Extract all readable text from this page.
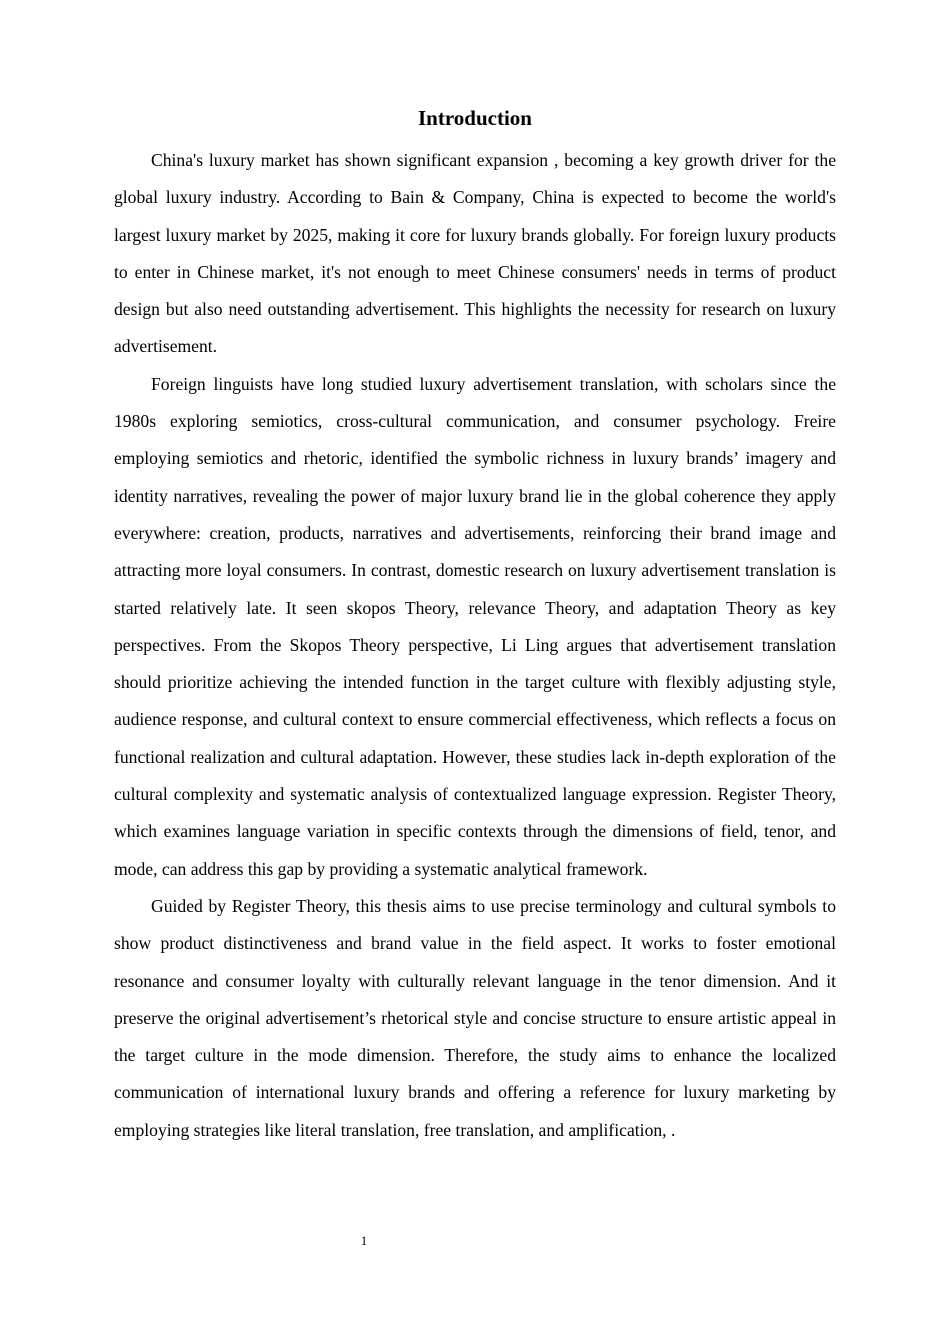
Introduction

China's luxury market has shown significant expansion , becoming a key growth driver for the global luxury industry. According to Bain & Company, China is expected to become the world's largest luxury market by 2025, making it core for luxury brands globally. For foreign luxury products to enter in Chinese market, it's not enough to meet Chinese consumers' needs in terms of product design but also need outstanding advertisement. This highlights the necessity for research on luxury advertisement.

Foreign linguists have long studied luxury advertisement translation, with scholars since the 1980s exploring semiotics, cross-cultural communication, and consumer psychology. Freire employing semiotics and rhetoric, identified the symbolic richness in luxury brands’ imagery and identity narratives, revealing the power of major luxury brand lie in the global coherence they apply everywhere: creation, products, narratives and advertisements, reinforcing their brand image and attracting more loyal consumers. In contrast, domestic research on luxury advertisement translation is started relatively late. It seen skopos Theory, relevance Theory, and adaptation Theory as key perspectives. From the Skopos Theory perspective, Li Ling argues that advertisement translation should prioritize achieving the intended function in the target culture with flexibly adjusting style, audience response, and cultural context to ensure commercial effectiveness, which reflects a focus on functional realization and cultural adaptation. However, these studies lack in-depth exploration of the cultural complexity and systematic analysis of contextualized language expression. Register Theory, which examines language variation in specific contexts through the dimensions of field, tenor, and mode, can address this gap by providing a systematic analytical framework.

Guided by Register Theory, this thesis aims to use precise terminology and cultural symbols to show product distinctiveness and brand value in the field aspect. It works to foster emotional resonance and consumer loyalty with culturally relevant language in the tenor dimension. And it preserve the original advertisement’s rhetorical style and concise structure to ensure artistic appeal in the target culture in the mode dimension. Therefore, the study aims to enhance the localized communication of international luxury brands and offering a reference for luxury marketing by employing strategies like literal translation, free translation, and amplification, .

1
